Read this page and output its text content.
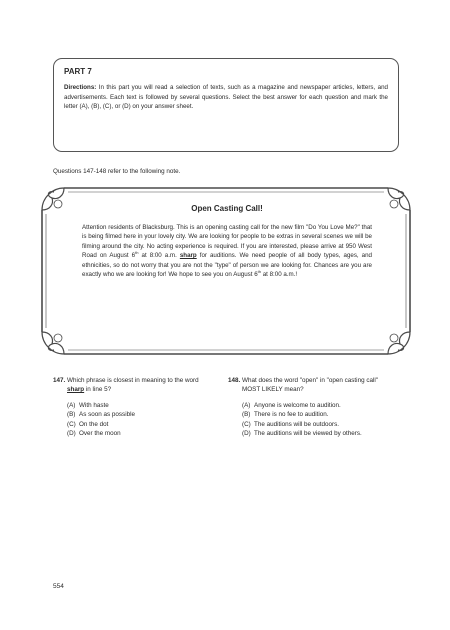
PART 7
Directions: In this part you will read a selection of texts, such as a magazine and newspaper articles, letters, and advertisements. Each text is followed by several questions. Select the best answer for each question and mark the letter (A), (B), (C), or (D) on your answer sheet.
Questions 147-148 refer to the following note.
Open Casting Call!
Attention residents of Blacksburg. This is an opening casting call for the new film "Do You Love Me?" that is being filmed here in your lovely city. We are looking for people to be extras in several scenes we will be filming around the city. No acting experience is required. If you are interested, please arrive at 950 West Road on August 6th at 8:00 a.m. sharp for auditions. We need people of all body types, ages, and ethnicities, so do not worry that you are not the "type" of person we are looking for. Chances are you are exactly who we are looking for! We hope to see you on August 6th at 8:00 a.m.!
147. Which phrase is closest in meaning to the word sharp in line 5?
(A) With haste
(B) As soon as possible
(C) On the dot
(D) Over the moon
148. What does the word "open" in "open casting call" MOST LIKELY mean?
(A) Anyone is welcome to audition.
(B) There is no fee to audition.
(C) The auditions will be outdoors.
(D) The auditions will be viewed by others.
554
